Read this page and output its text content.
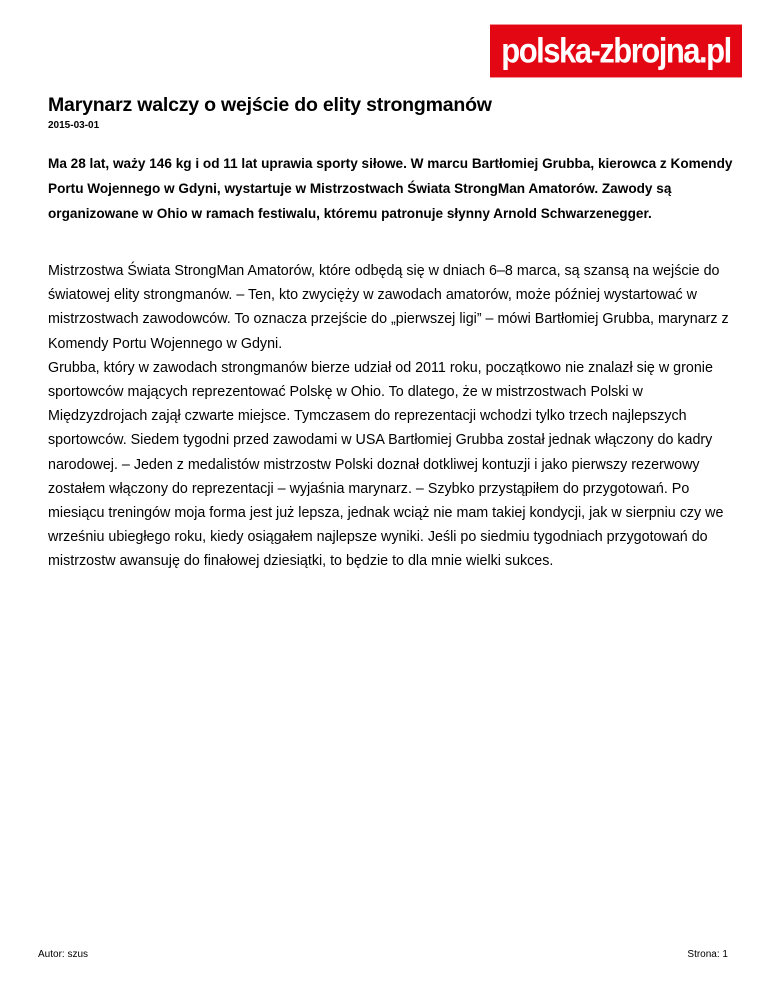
polska-zbrojna.pl
Marynarz walczy o wejście do elity strongmanów
2015-03-01

Ma 28 lat, waży 146 kg i od 11 lat uprawia sporty siłowe. W marcu Bartłomiej Grubba, kierowca z Komendy Portu Wojennego w Gdyni, wystartuje w Mistrzostwach Świata StrongMan Amatorów. Zawody są organizowane w Ohio w ramach festiwalu, któremu patronuje słynny Arnold Schwarzenegger.

Mistrzostwa Świata StrongMan Amatorów, które odbędą się w dniach 6–8 marca, są szansą na wejście do światowej elity strongmanów. – Ten, kto zwycięży w zawodach amatorów, może później wystartować w mistrzostwach zawodowców. To oznacza przejście do „pierwszej ligi” – mówi Bartłomiej Grubba, marynarz z Komendy Portu Wojennego w Gdyni.

Grubba, który w zawodach strongmanów bierze udział od 2011 roku, początkowo nie znalazł się w gronie sportowców mających reprezentować Polskę w Ohio. To dlatego, że w mistrzostwach Polski w Międzyzdrojach zajął czwarte miejsce. Tymczasem do reprezentacji wchodzi tylko trzech najlepszych sportowców. Siedem tygodni przed zawodami w USA Bartłomiej Grubba został jednak włączony do kadry narodowej. – Jeden z medalistów mistrzostw Polski doznał dotkliwej kontuzji i jako pierwszy rezerwowy zostałem włączony do reprezentacji – wyjaśnia marynarz. – Szybko przystąpiłem do przygotowań. Po miesiącu treningów moja forma jest już lepsza, jednak wciąż nie mam takiej kondycji, jak w sierpniu czy we wrześniu ubiegłego roku, kiedy osiągałem najlepsze wyniki. Jeśli po siedmiu tygodniach przygotowań do mistrzostw awansuję do finałowej dziesiątki, to będzie to dla mnie wielki sukces.

Autor: szus	Strona: 1
